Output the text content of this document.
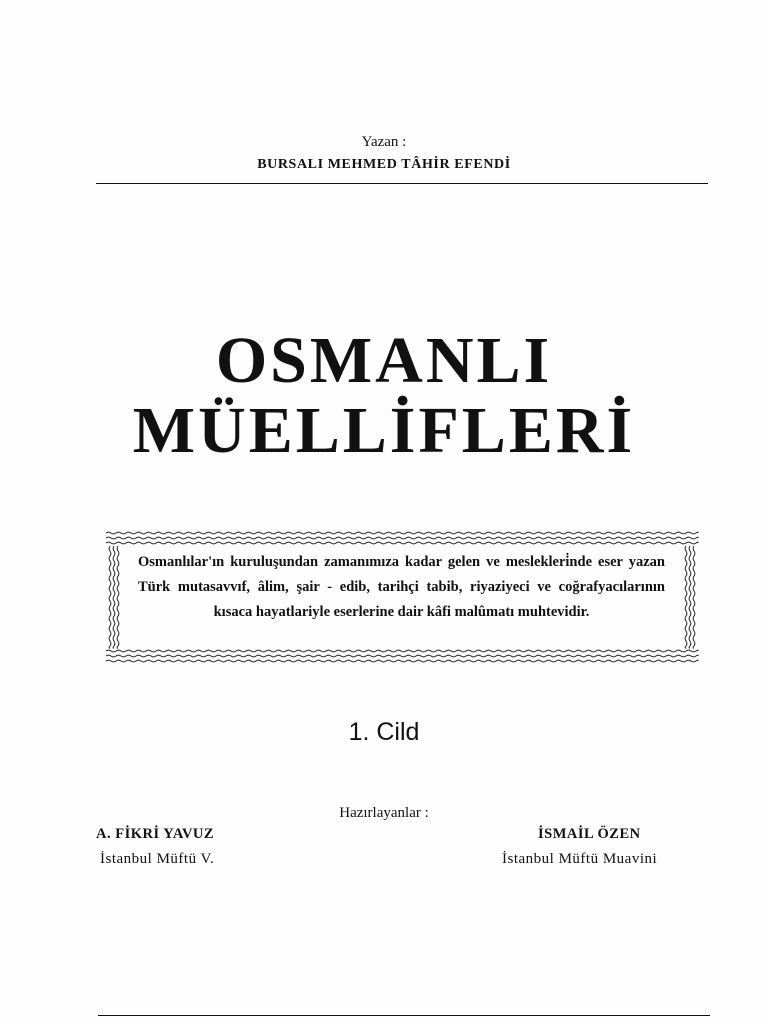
Yazan :
BURSALI MEHMED TÂHİR EFENDİ
OSMANLI
MÜELLİFLERİ
Osmanlılar'ın kuruluşundan zamanımıza kadar gelen ve meslekleri̇nde eser yazan Türk mutasavvıf, âlim, şair - edib, tarihçi tabib, riyaziyeci ve coğrafyacılarının kısaca hayatlariyle eserlerine dair kâfi malûmatı muhtevidir.
1. Cild
Hazırlayanlar :
A. FİKRİ YAVUZ
İstanbul Müftü V.
İSMAİL ÖZEN
İstanbul Müftü Muavini
